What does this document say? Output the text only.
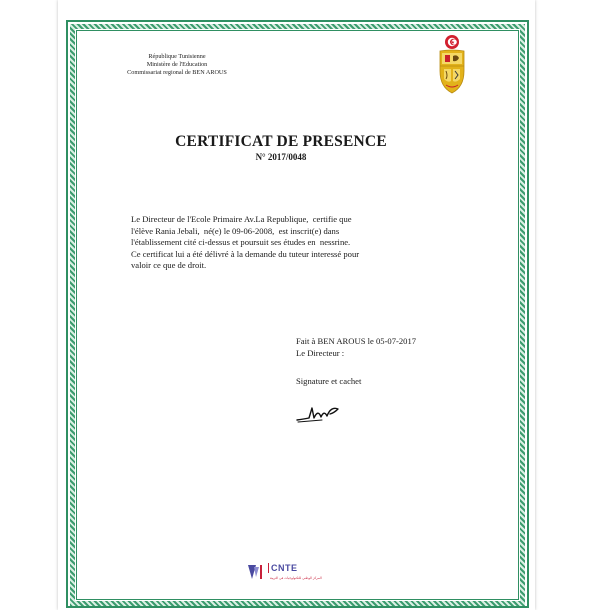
République Tunisienne
Ministère de l'Education
Commissariat regional de BEN AROUS
CERTIFICAT DE PRESENCE
N° 2017/0048
Le Directeur de l'Ecole Primaire Av.La Republique,  certifie que
l'élève Rania Jebali,  né(e) le 09-06-2008,  est inscrit(e) dans
l'établissement cité ci-dessus et poursuit ses études en  nessrine.
Ce certificat lui a été délivré à la demande du tuteur interessé pour
valoir ce que de droit.
Fait à BEN AROUS le 05-07-2017
Le Directeur :
Signature et cachet
CNTE
المركز الوطني للتكنولوجيات في التربية
